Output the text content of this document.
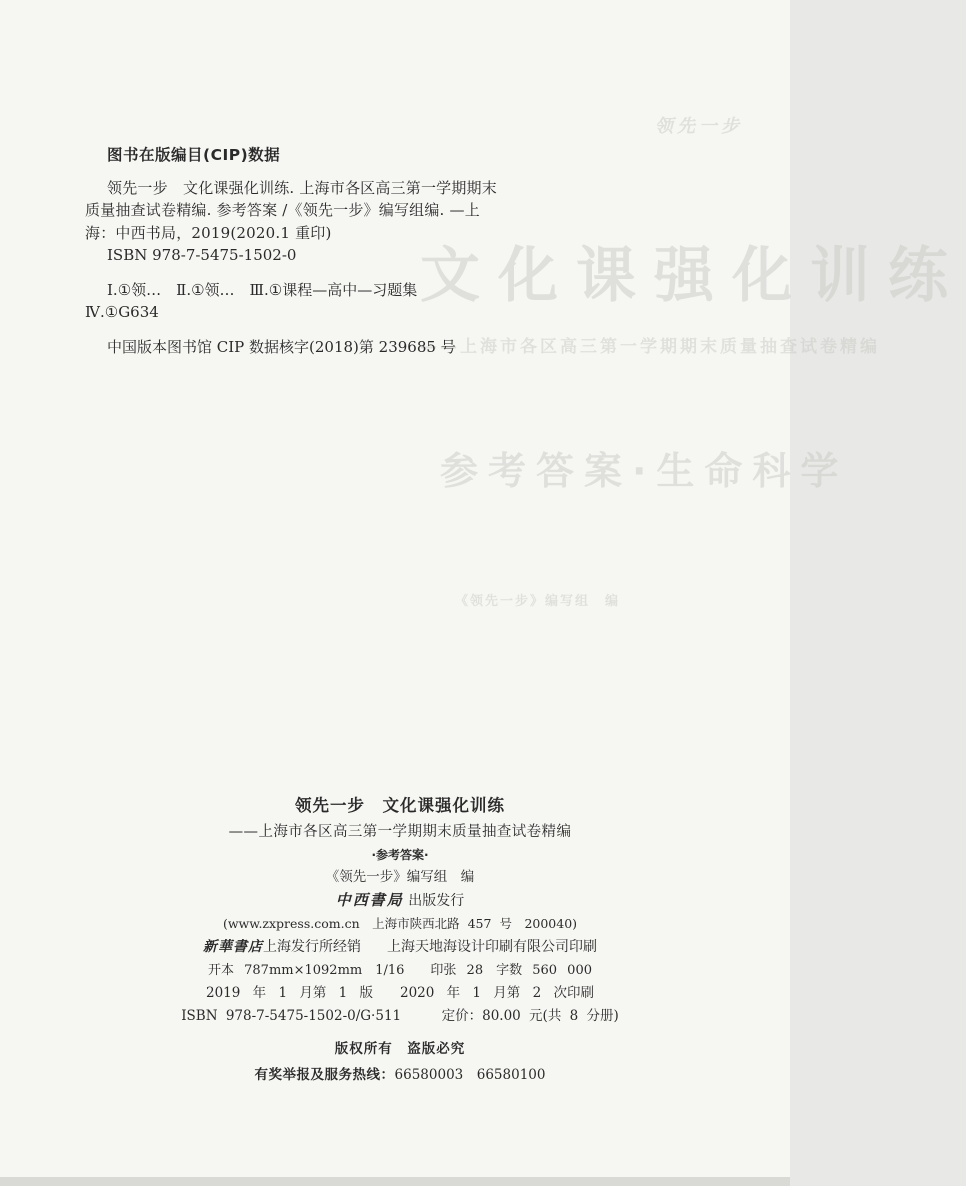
领先一步
文化课强化训练
——上海市各区高三第一学期期末质量抽查试卷精编
参考答案·生命科学
《领先一步》编写组　编
图书在版编目(CIP)数据

领先一步　文化课强化训练. 上海市各区高三第一学期期末质量抽查试卷精编. 参考答案 /《领先一步》编写组编. —上海：中西书局，2019(2020.1 重印)

ISBN 978-7-5475-1502-0
Ⅰ.①领…　Ⅱ.①领…　Ⅲ.①课程—高中—习题集
Ⅳ.①G634
中国版本图书馆 CIP 数据核字(2018)第 239685 号
领先一步　文化课强化训练
——上海市各区高三第一学期期末质量抽查试卷精编
·参考答案·
《领先一步》编写组　编
中西書局 出版发行
(www.zxpress.com.cn　上海市陕西北路 457 号　200040)
新華書店上海发行所经销 上海天地海设计印刷有限公司印刷
开本 787mm×1092mm　1/16　　印张 28　字数 560 000
2019 年 1 月第 1 版　　2020 年 1 月第 2 次印刷
ISBN 978-7-5475-1502-0/G·511　　　定价：80.00 元(共 8 分册)
版权所有　盗版必究
有奖举报及服务热线：66580003　66580100
